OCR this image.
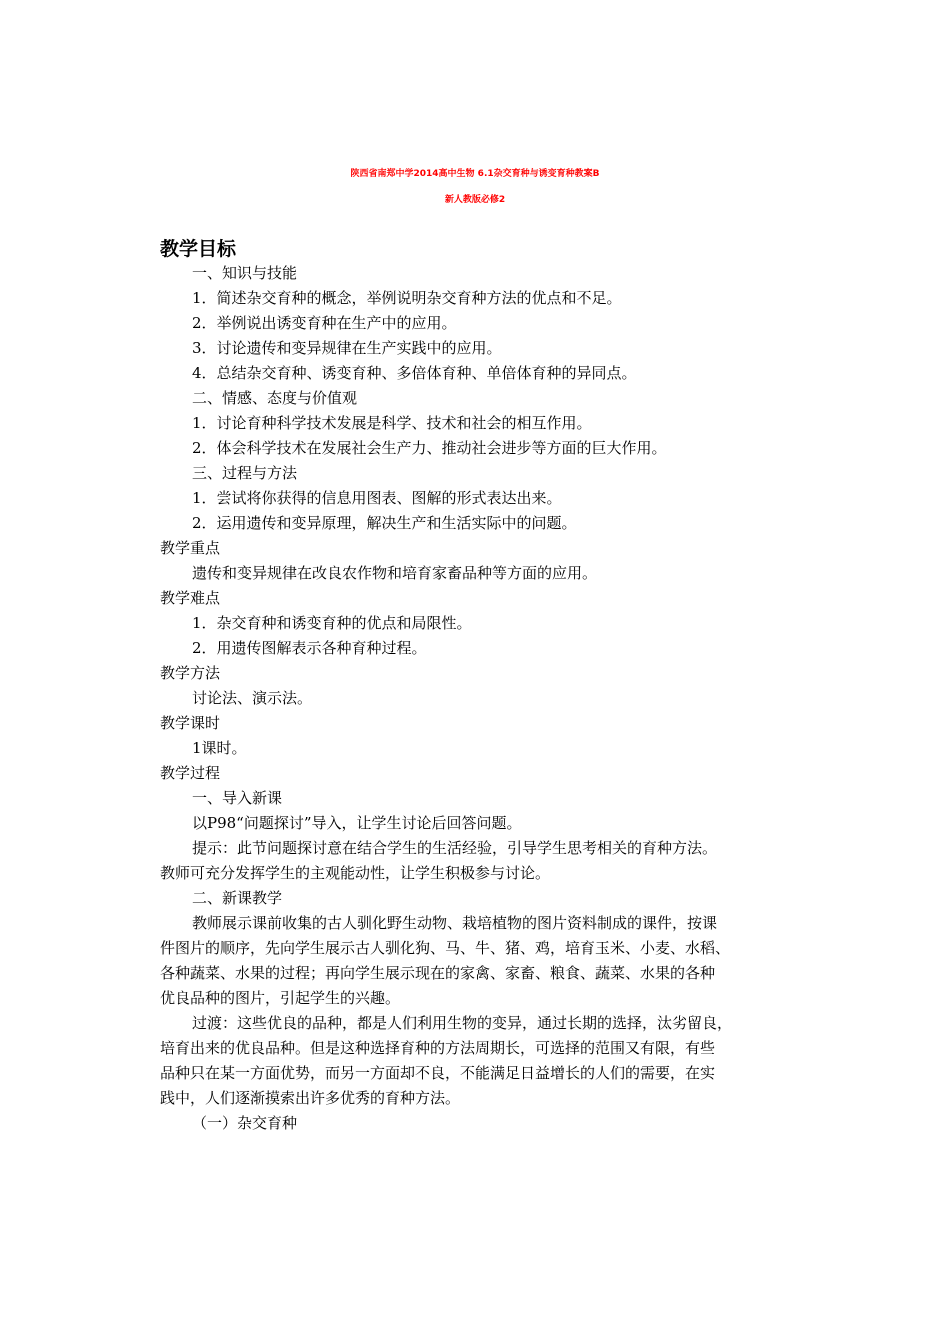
陕西省南郑中学2014高中生物 6.1杂交育种与诱变育种教案B
新人教版必修2
教学目标
一、知识与技能
1．简述杂交育种的概念，举例说明杂交育种方法的优点和不足。
2．举例说出诱变育种在生产中的应用。
3．讨论遗传和变异规律在生产实践中的应用。
4．总结杂交育种、诱变育种、多倍体育种、单倍体育种的异同点。
二、情感、态度与价值观
1．讨论育种科学技术发展是科学、技术和社会的相互作用。
2．体会科学技术在发展社会生产力、推动社会进步等方面的巨大作用。
三、过程与方法
1．尝试将你获得的信息用图表、图解的形式表达出来。
2．运用遗传和变异原理，解决生产和生活实际中的问题。
教学重点
遗传和变异规律在改良农作物和培育家畜品种等方面的应用。
教学难点
1．杂交育种和诱变育种的优点和局限性。
2．用遗传图解表示各种育种过程。
教学方法
讨论法、演示法。
教学课时
1课时。
教学过程
一、导入新课
以P98“问题探讨”导入，让学生讨论后回答问题。
提示：此节问题探讨意在结合学生的生活经验，引导学生思考相关的育种方法。
教师可充分发挥学生的主观能动性，让学生积极参与讨论。
二、新课教学
教师展示课前收集的古人驯化野生动物、栽培植物的图片资料制成的课件，按课
件图片的顺序，先向学生展示古人驯化狗、马、牛、猪、鸡，培育玉米、小麦、水稻、
各种蔬菜、水果的过程；再向学生展示现在的家禽、家畜、粮食、蔬菜、水果的各种
优良品种的图片，引起学生的兴趣。
过渡：这些优良的品种，都是人们利用生物的变异，通过长期的选择，汰劣留良，
培育出来的优良品种。但是这种选择育种的方法周期长，可选择的范围又有限，有些
品种只在某一方面优势，而另一方面却不良，不能满足日益增长的人们的需要，在实
践中，人们逐渐摸索出许多优秀的育种方法。
（一）杂交育种
